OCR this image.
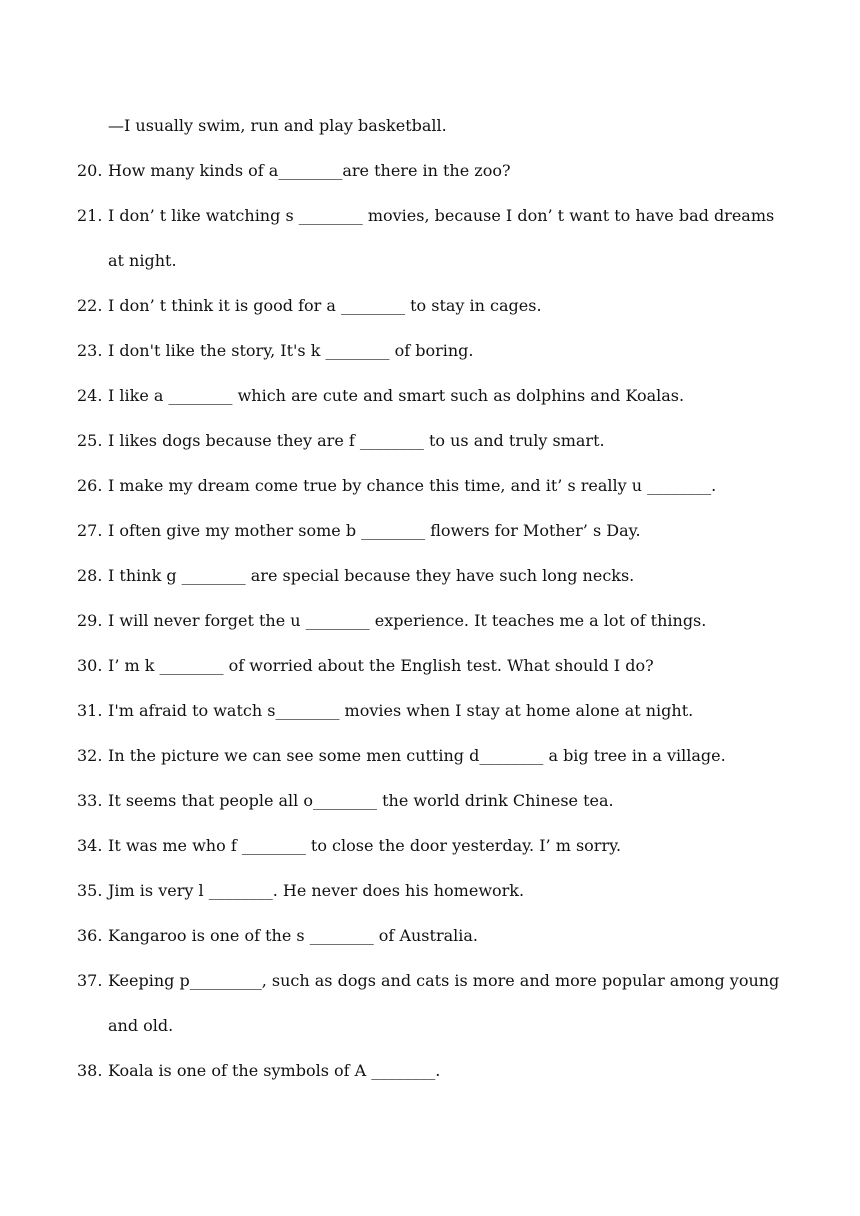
—I usually swim, run and play basketball.

20.

How many kinds of a________are there in the zoo?

21.

I don’ t like watching s ________ movies, because I don’ t want to have bad dreams

at night.

22.

I don’ t think it is good for a ________ to stay in cages.

23.

I don't like the story, It's k ________ of boring.

24.

I like a ________ which are cute and smart such as dolphins and Koalas.

25.

I likes dogs because they are f ________ to us and truly smart.

26.

I make my dream come true by chance this time, and it’ s really u ________.

27.

I often give my mother some b ________ flowers for Mother’ s Day.

28.

I think g ________ are special because they have such long necks.

29.

I will never forget the u ________ experience. It teaches me a lot of things.

30.

I’ m k ________ of worried about the English test. What should I do?

31.

I'm afraid to watch s________ movies when I stay at home alone at night.

32.

In the picture we can see some men cutting d________ a big tree in a village.

33.

It seems that people all o________ the world drink Chinese tea.

34.

It was me who f ________ to close the door yesterday. I’ m sorry.

35.

Jim is very l ________. He never does his homework.

36.

Kangaroo is one of the s ________ of Australia.

37.

Keeping p_________, such as dogs and cats is more and more popular among young

and old.

38.

Koala is one of the symbols of A ________.
